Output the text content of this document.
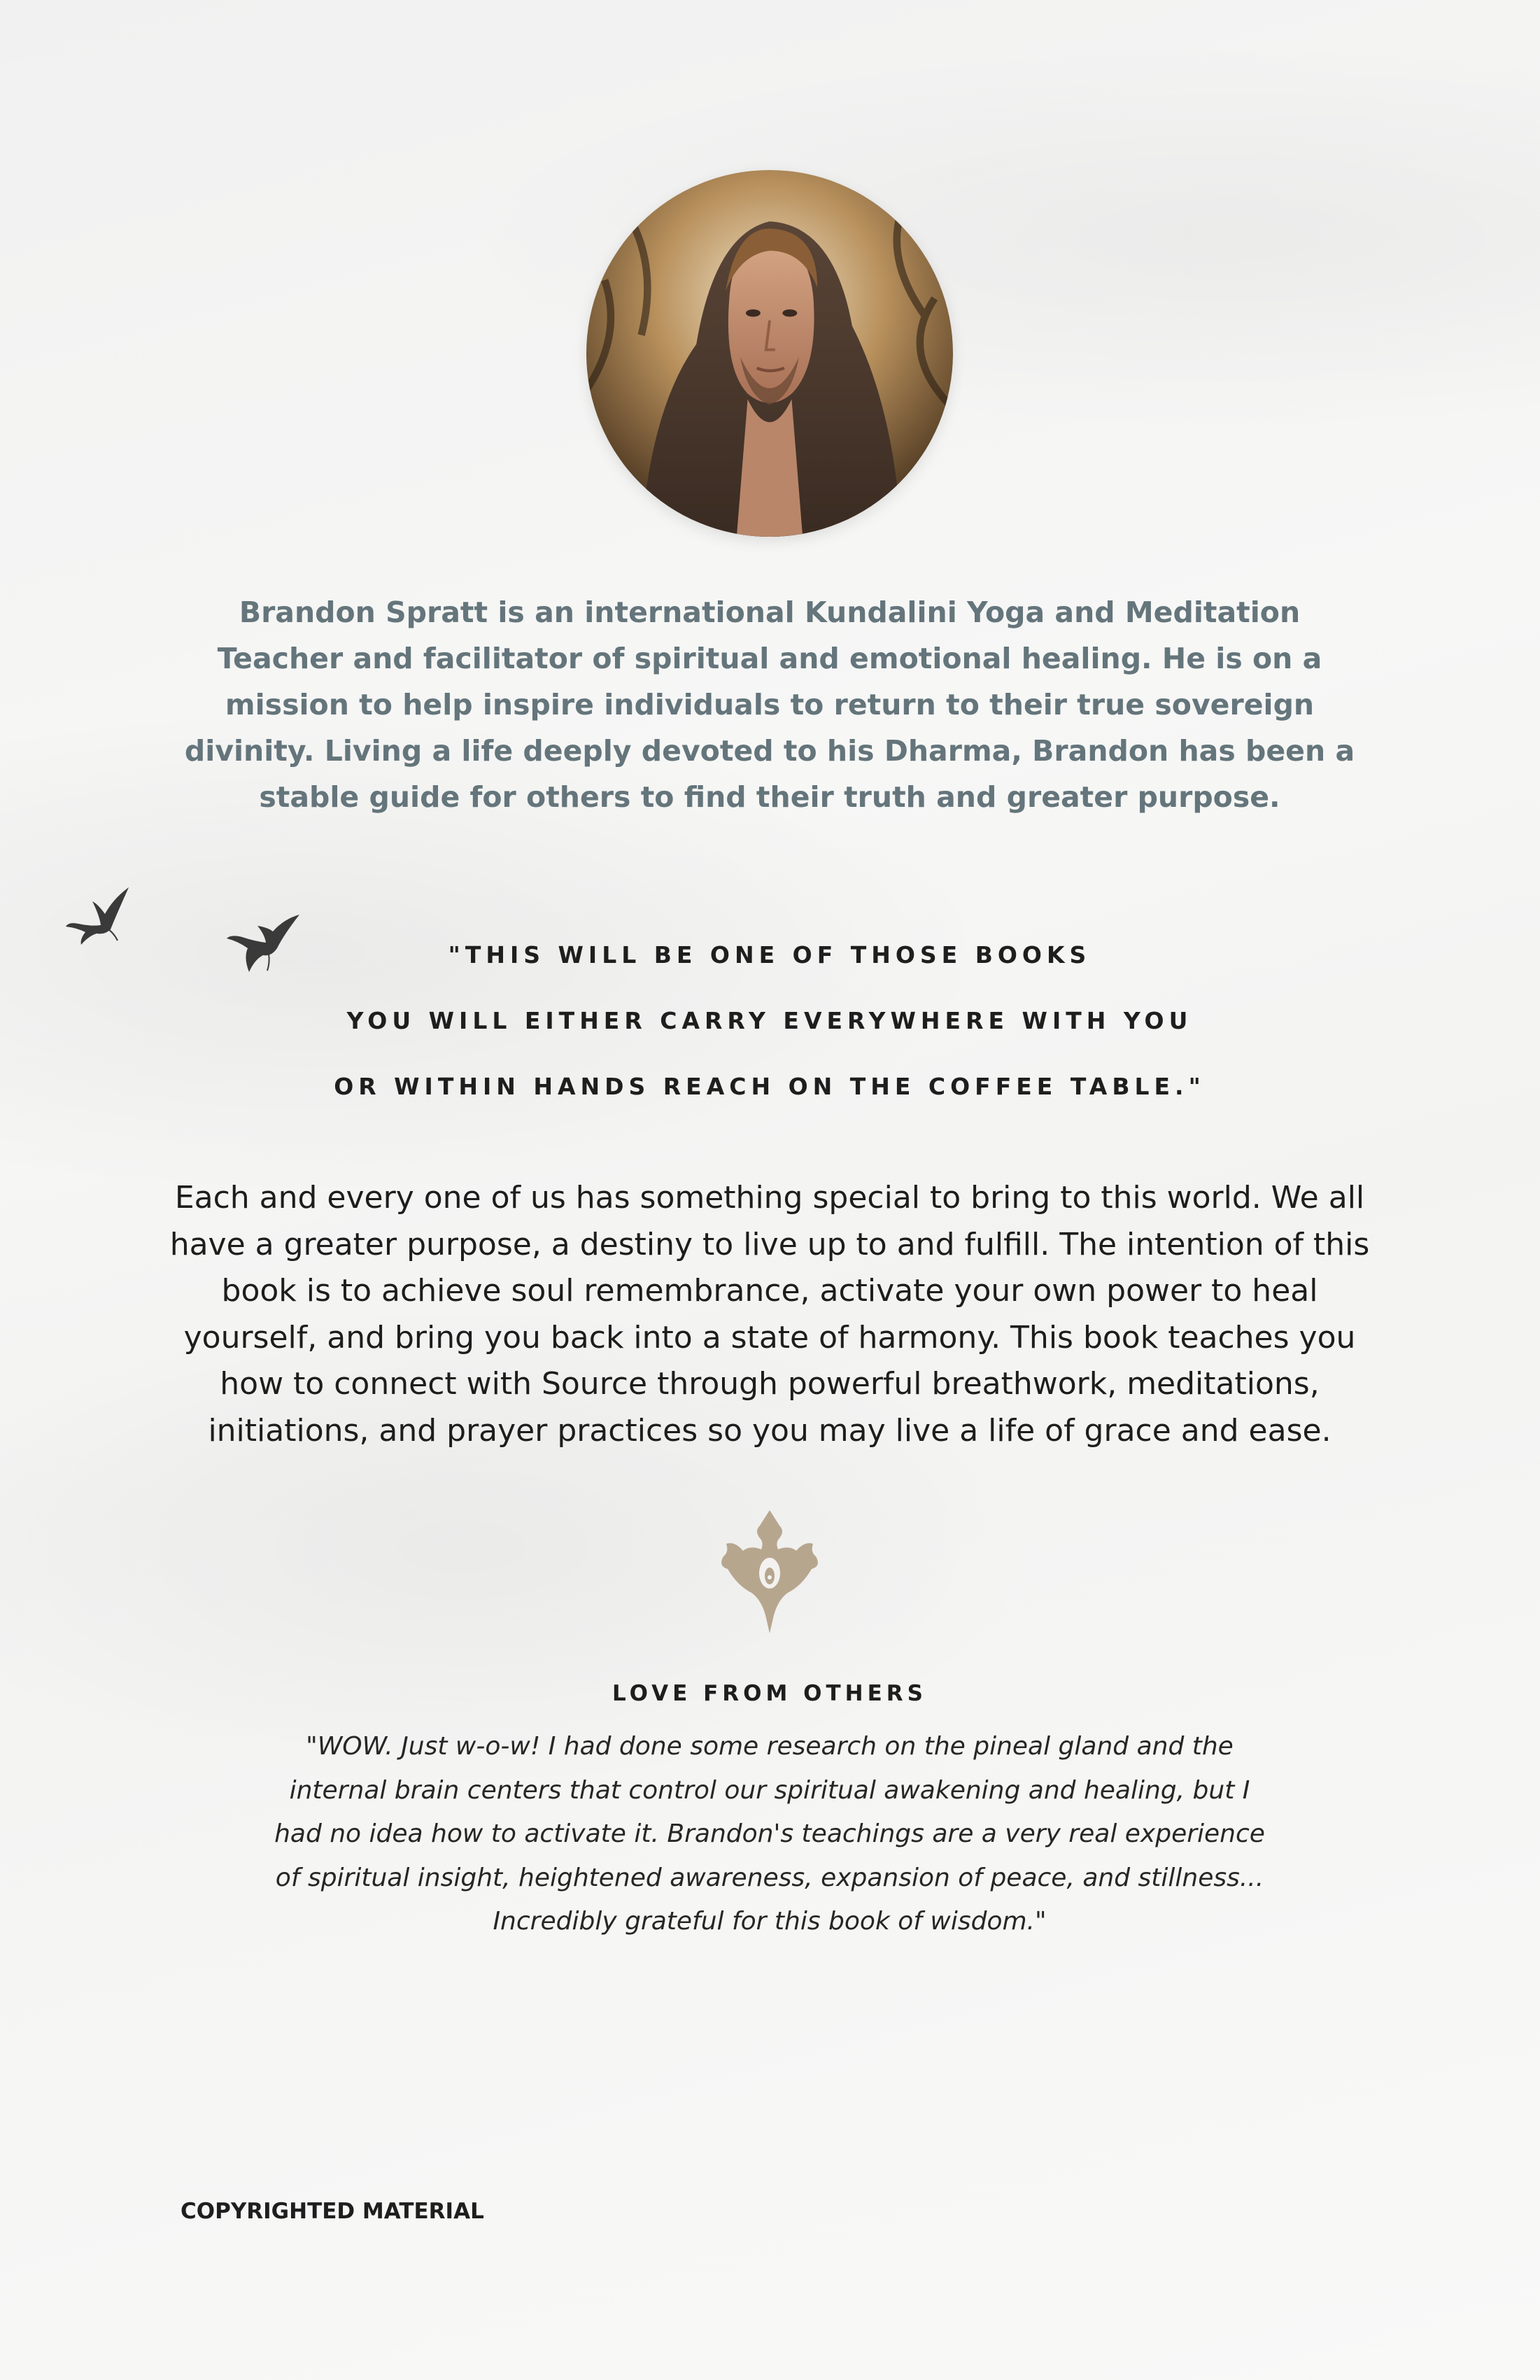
Brandon Spratt is an international Kundalini Yoga and Meditation Teacher and facilitator of spiritual and emotional healing. He is on a mission to help inspire individuals to return to their true sovereign divinity. Living a life deeply devoted to his Dharma, Brandon has been a stable guide for others to find their truth and greater purpose.

"THIS WILL BE ONE OF THOSE BOOKS
YOU WILL EITHER CARRY EVERYWHERE WITH YOU
OR WITHIN HANDS REACH ON THE COFFEE TABLE."

Each and every one of us has something special to bring to this world. We all have a greater purpose, a destiny to live up to and fulfill. The intention of this book is to achieve soul remembrance, activate your own power to heal yourself, and bring you back into a state of harmony. This book teaches you how to connect with Source through powerful breathwork, meditations, initiations, and prayer practices so you may live a life of grace and ease.

LOVE FROM OTHERS

"WOW. Just w-o-w! I had done some research on the pineal gland and the internal brain centers that control our spiritual awakening and healing, but I had no idea how to activate it. Brandon's teachings are a very real experience of spiritual insight, heightened awareness, expansion of peace, and stillness... Incredibly grateful for this book of wisdom."

COPYRIGHTED MATERIAL
